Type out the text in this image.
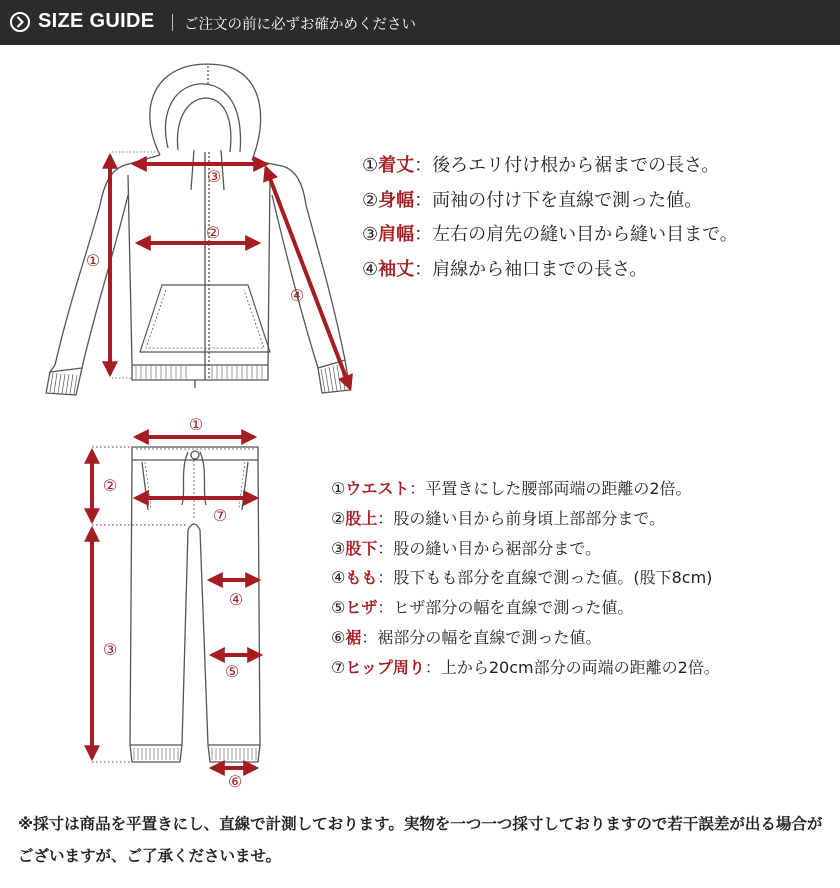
SIZE GUIDE ご注文の前に必ずお確かめください
①
②
③
④
①
②
③
④
⑤
⑥
⑦
①着丈：後ろエリ付け根から裾までの長さ。
②身幅：両袖の付け下を直線で測った値。
③肩幅：左右の肩先の縫い目から縫い目まで。
④袖丈：肩線から袖口までの長さ。
①ウエスト：平置きにした腰部両端の距離の2倍。
②股上：股の縫い目から前身頃上部部分まで。
③股下：股の縫い目から裾部分まで。
④もも：股下もも部分を直線で測った値。(股下8cm)
⑤ヒザ：ヒザ部分の幅を直線で測った値。
⑥裾：裾部分の幅を直線で測った値。
⑦ヒップ周り：上から20cm部分の両端の距離の2倍。

※採寸は商品を平置きにし、直線で計測しております。実物を一つ一つ採寸しておりますので若干誤差が出る場合がございますが、ご了承くださいませ。
